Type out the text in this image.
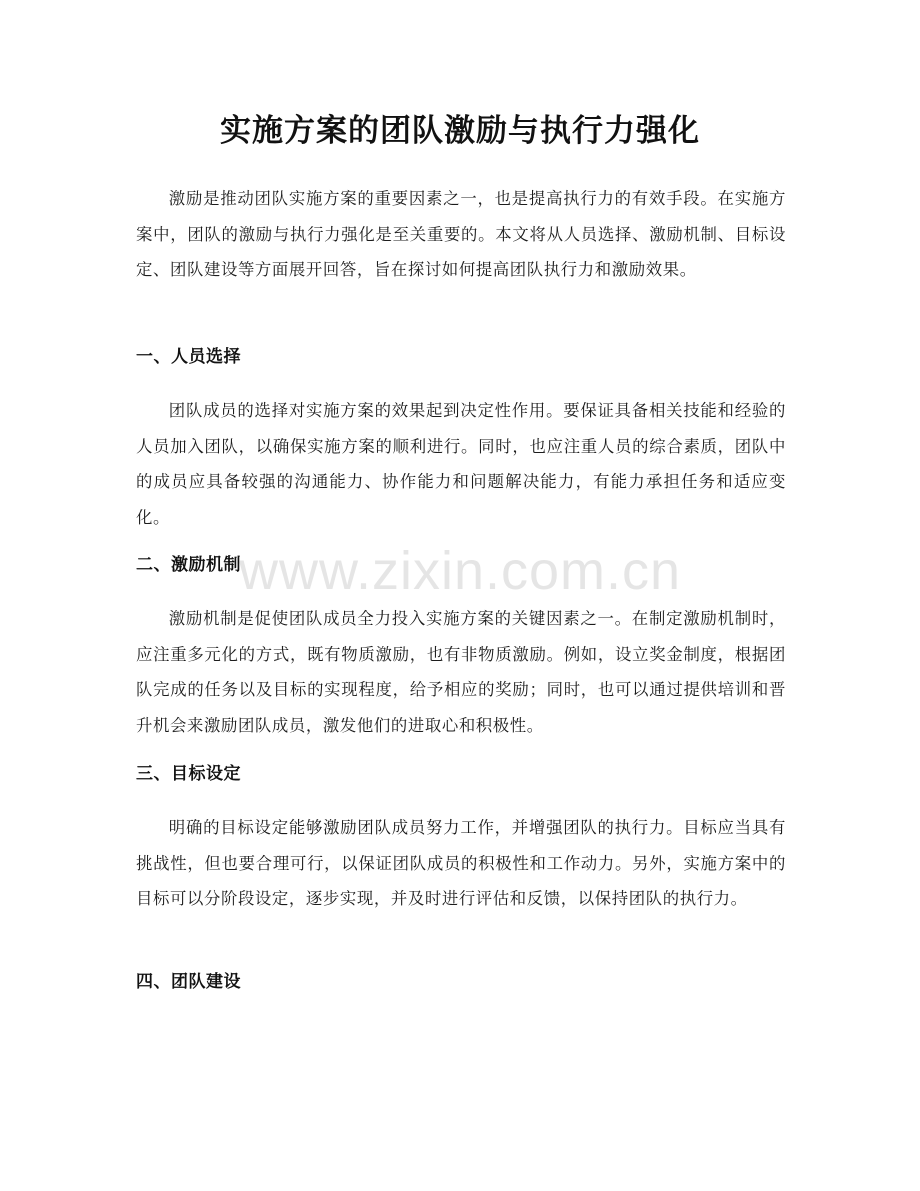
实施方案的团队激励与执行力强化

激励是推动团队实施方案的重要因素之一，也是提高执行力的有效手段。在实施方案中，团队的激励与执行力强化是至关重要的。本文将从人员选择、激励机制、目标设定、团队建设等方面展开回答，旨在探讨如何提高团队执行力和激励效果。

一、人员选择

团队成员的选择对实施方案的效果起到决定性作用。要保证具备相关技能和经验的人员加入团队，以确保实施方案的顺利进行。同时，也应注重人员的综合素质，团队中的成员应具备较强的沟通能力、协作能力和问题解决能力，有能力承担任务和适应变化。

二、激励机制

激励机制是促使团队成员全力投入实施方案的关键因素之一。在制定激励机制时，应注重多元化的方式，既有物质激励，也有非物质激励。例如，设立奖金制度，根据团队完成的任务以及目标的实现程度，给予相应的奖励；同时，也可以通过提供培训和晋升机会来激励团队成员，激发他们的进取心和积极性。

三、目标设定

明确的目标设定能够激励团队成员努力工作，并增强团队的执行力。目标应当具有挑战性，但也要合理可行，以保证团队成员的积极性和工作动力。另外，实施方案中的目标可以分阶段设定，逐步实现，并及时进行评估和反馈，以保持团队的执行力。

四、团队建设
www.zixin.com.cn
